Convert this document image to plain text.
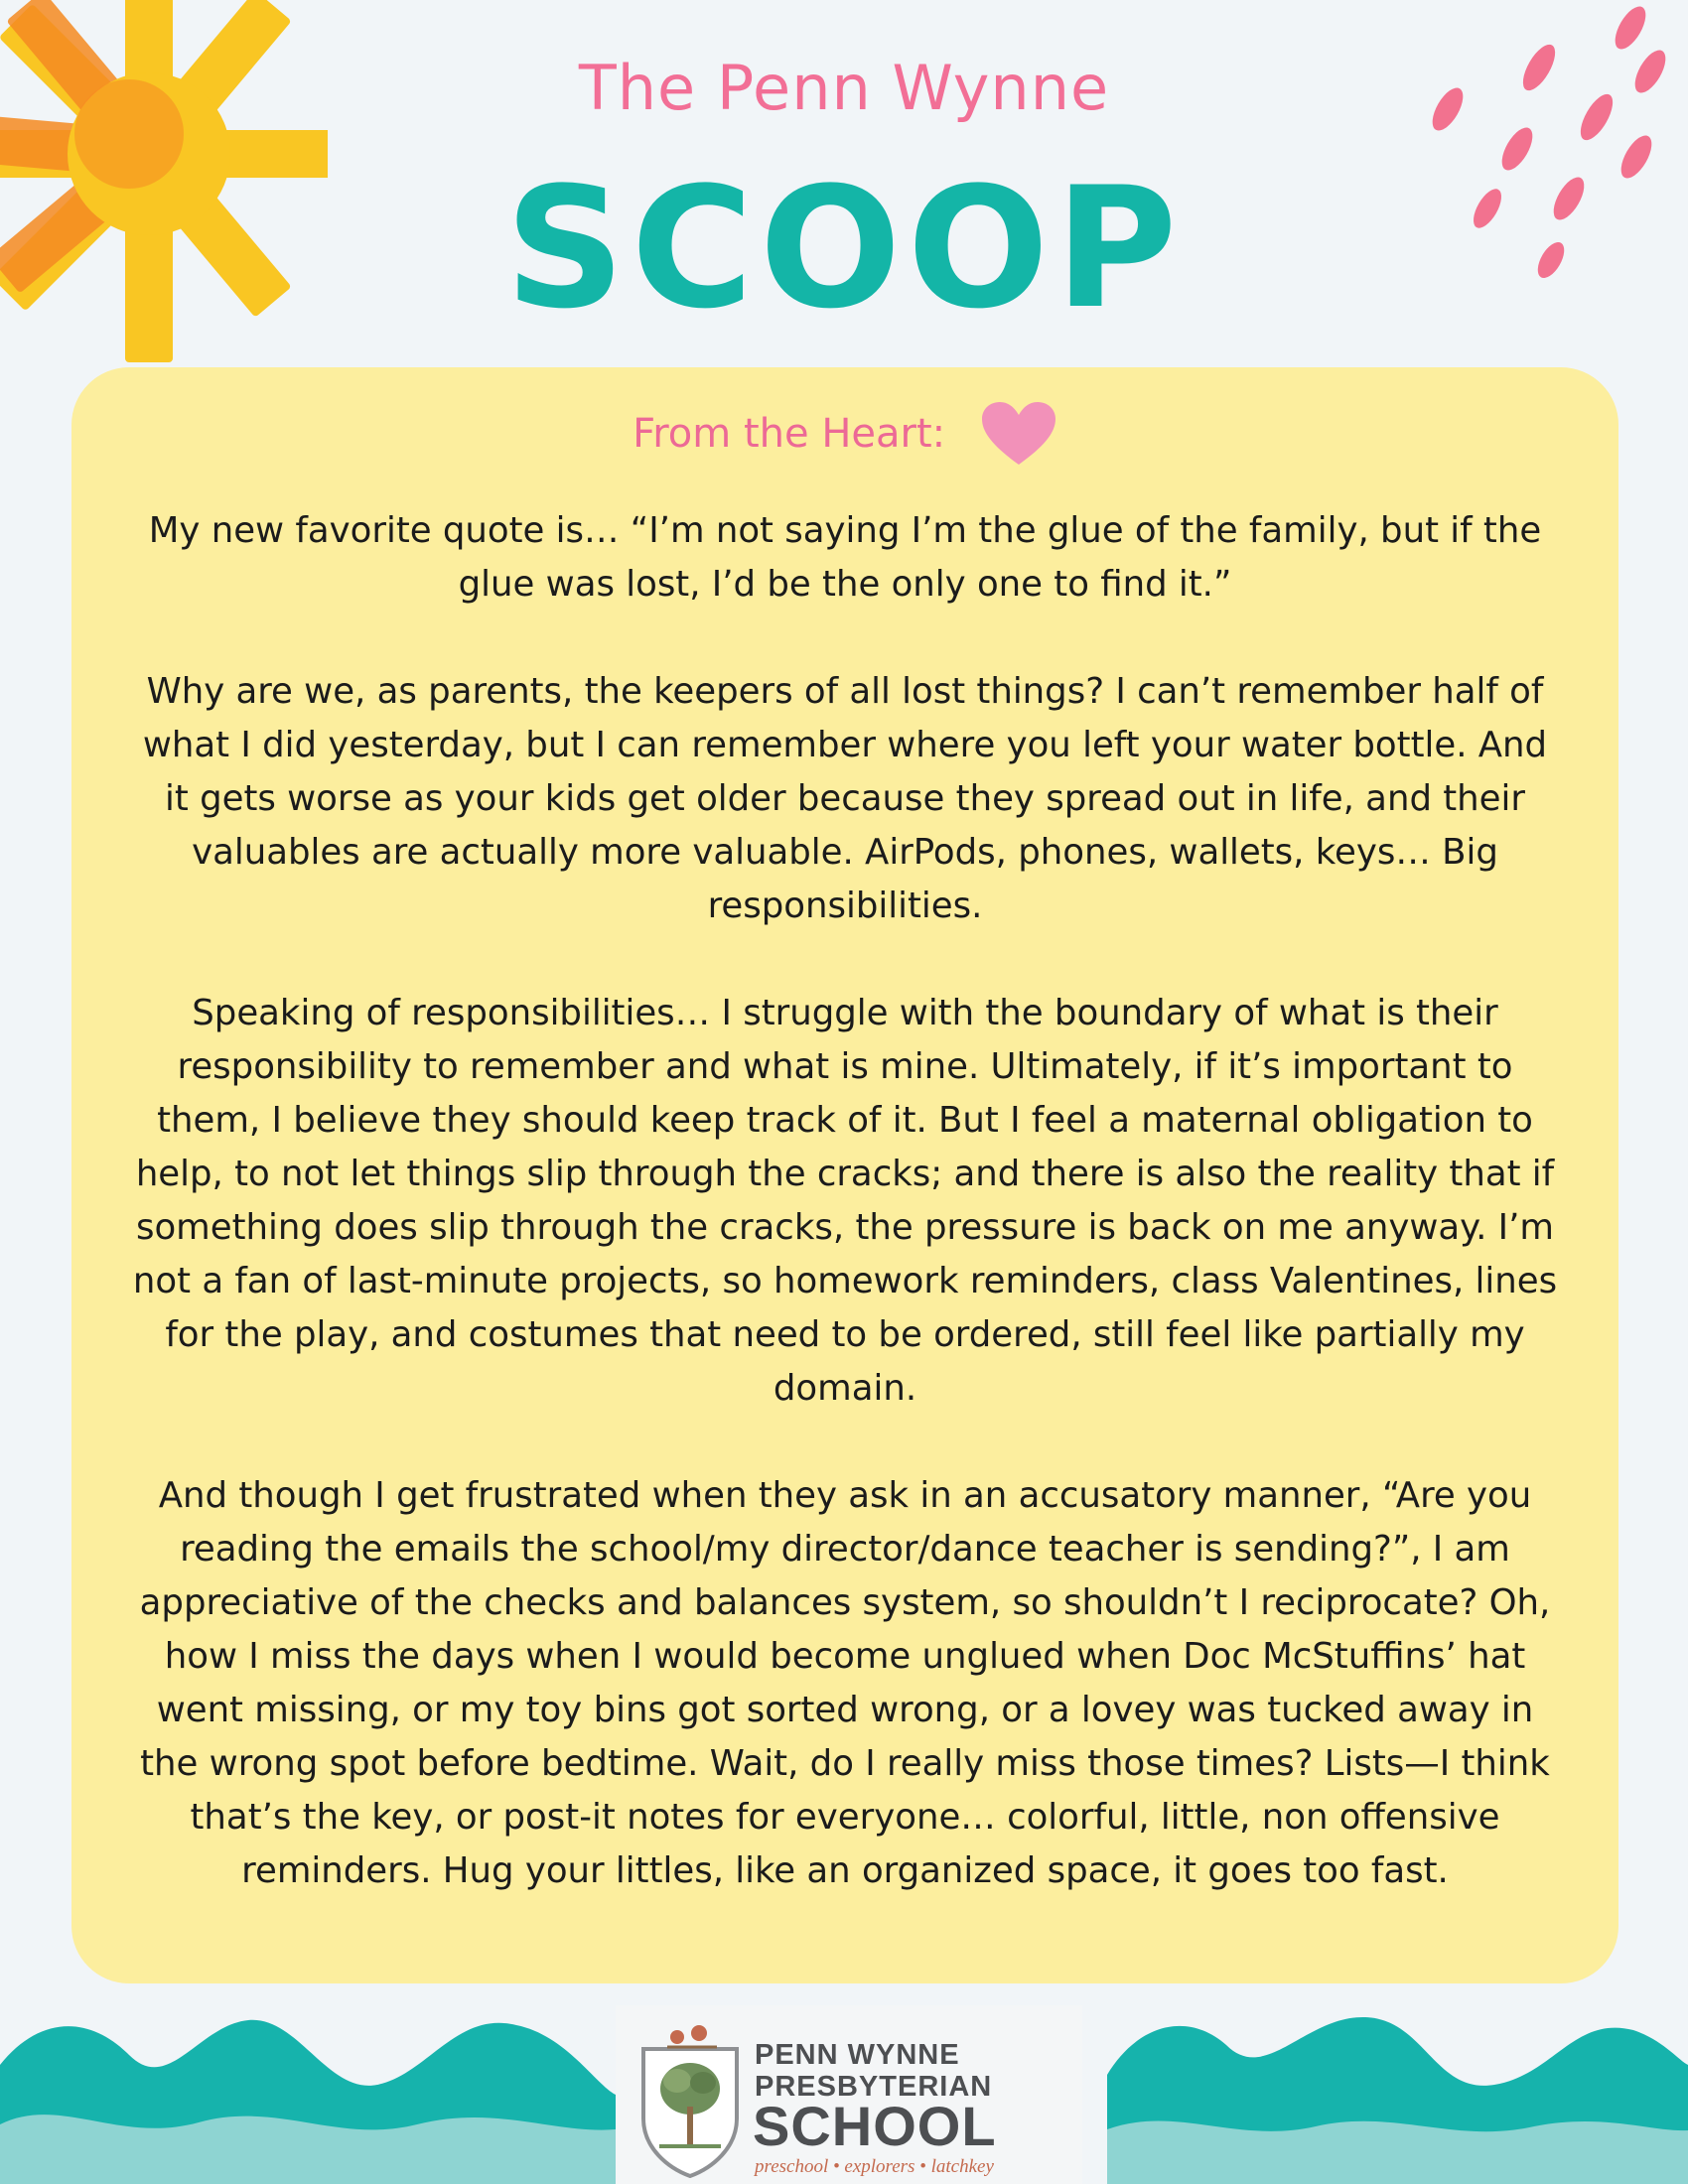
The Penn Wynne
SCOOP
From the Heart:

My new favorite quote is… “I’m not saying I’m the glue of the family, but if the glue was lost, I’d be the only one to find it.”

Why are we, as parents, the keepers of all lost things? I can’t remember half of what I did yesterday, but I can remember where you left your water bottle. And it gets worse as your kids get older because they spread out in life, and their valuables are actually more valuable. AirPods, phones, wallets, keys… Big responsibilities.

Speaking of responsibilities… I struggle with the boundary of what is their responsibility to remember and what is mine. Ultimately, if it’s important to them, I believe they should keep track of it. But I feel a maternal obligation to help, to not let things slip through the cracks; and there is also the reality that if something does slip through the cracks, the pressure is back on me anyway. I’m not a fan of last-minute projects, so homework reminders, class Valentines, lines for the play, and costumes that need to be ordered, still feel like partially my domain.

And though I get frustrated when they ask in an accusatory manner, “Are you reading the emails the school/my director/dance teacher is sending?”, I am appreciative of the checks and balances system, so shouldn’t I reciprocate? Oh, how I miss the days when I would become unglued when Doc McStuffins’ hat went missing, or my toy bins got sorted wrong, or a lovey was tucked away in the wrong spot before bedtime. Wait, do I really miss those times? Lists—I think that’s the key, or post-it notes for everyone… colorful, little, non offensive reminders. Hug your littles, like an organized space, it goes too fast.

PENN WYNNE
PRESBYTERIAN
SCHOOL
preschool • explorers • latchkey
